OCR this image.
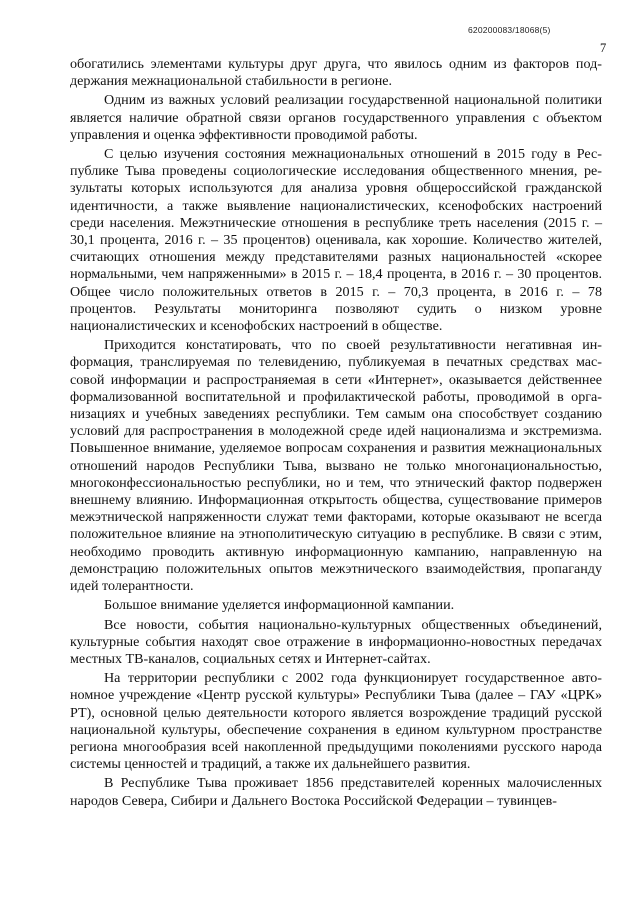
620200083/18068(5)
7

обогатились элементами культуры друг друга, что явилось одним из факторов поддержания межнациональной стабильности в регионе.

Одним из важных условий реализации государственной национальной политики является наличие обратной связи органов государственного управления с объектом управления и оценка эффективности проводимой работы.

С целью изучения состояния межнациональных отношений в 2015 году в Республике Тыва проведены социологические исследования общественного мнения, результаты которых используются для анализа уровня общероссийской гражданской идентичности, а также выявление националистических, ксенофобских настроений среди населения. Межэтнические отношения в республике треть населения (2015 г. – 30,1 процента, 2016 г. – 35 процентов) оценивала, как хорошие. Количество жителей, считающих отношения между представителями разных национальностей «скорее нормальными, чем напряженными» в 2015 г. – 18,4 процента, в 2016 г. – 30 процентов. Общее число положительных ответов в 2015 г. – 70,3 процента, в 2016 г. – 78 процентов. Результаты мониторинга позволяют судить о низком уровне националистических и ксенофобских настроений в обществе.

Приходится констатировать, что по своей результативности негативная информация, транслируемая по телевидению, публикуемая в печатных средствах массовой информации и распространяемая в сети «Интернет», оказывается действеннее формализованной воспитательной и профилактической работы, проводимой в организациях и учебных заведениях республики. Тем самым она способствует созданию условий для распространения в молодежной среде идей национализма и экстремизма. Повышенное внимание, уделяемое вопросам сохранения и развития межнациональных отношений народов Республики Тыва, вызвано не только многонациональностью, многоконфессиональностью республики, но и тем, что этнический фактор подвержен внешнему влиянию. Информационная открытость общества, существование примеров межэтнической напряженности служат теми факторами, которые оказывают не всегда положительное влияние на этнополитическую ситуацию в республике. В связи с этим, необходимо проводить активную информационную кампанию, направленную на демонстрацию положительных опытов межэтнического взаимодействия, пропаганду идей толерантности.

Большое внимание уделяется информационной кампании.

Все новости, события национально-культурных общественных объединений, культурные события находят свое отражение в информационно-новостных передачах местных ТВ-каналов, социальных сетях и Интернет-сайтах.

На территории республики с 2002 года функционирует государственное автономное учреждение «Центр русской культуры» Республики Тыва (далее – ГАУ «ЦРК» РТ), основной целью деятельности которого является возрождение традиций русской национальной культуры, обеспечение сохранения в едином культурном пространстве региона многообразия всей накопленной предыдущими поколениями русского народа системы ценностей и традиций, а также их дальнейшего развития.

В Республике Тыва проживает 1856 представителей коренных малочисленных народов Севера, Сибири и Дальнего Востока Российской Федерации – тувинцев-
